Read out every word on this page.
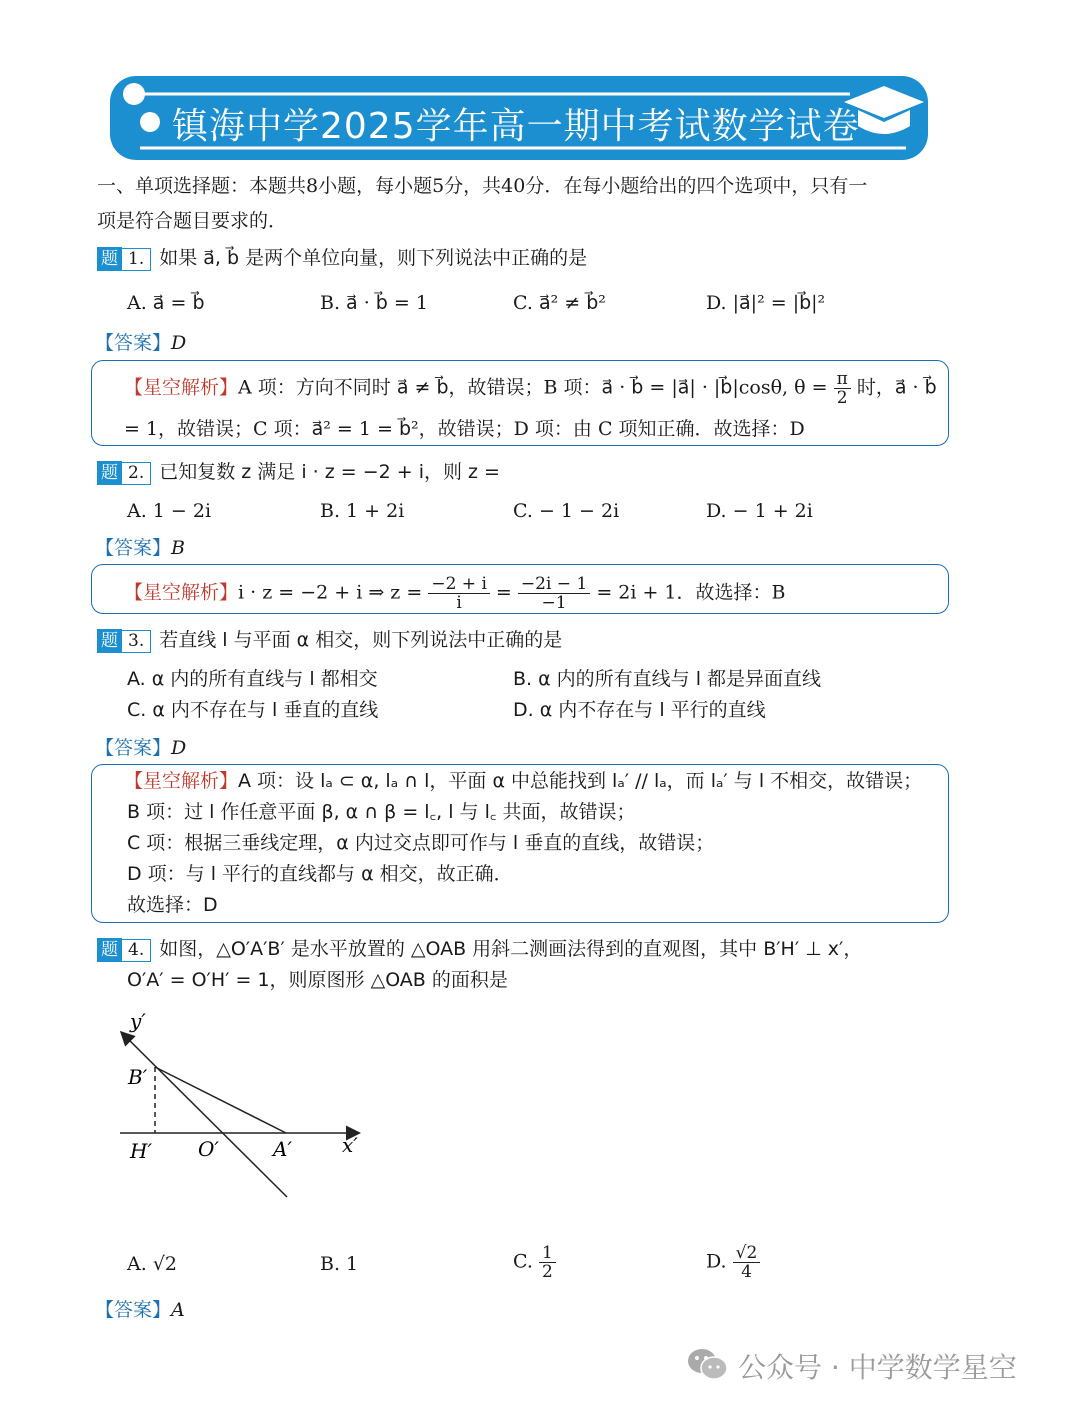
镇海中学2025学年高一期中考试数学试卷
一、单项选择题：本题共8小题，每小题5分，共40分．在每小题给出的四个选项中，只有一
项是符合题目要求的．
题 1. 如果 a⃗, b⃗ 是两个单位向量，则下列说法中正确的是
A. a⃗ = b⃗	B. a⃗ · b⃗ = 1	C. a⃗² ≠ b⃗²	D. |a⃗|² = |b⃗|²
【答案】D
【星空解析】A 项：方向不同时 a⃗ ≠ b⃗，故错误；B 项：a⃗ · b⃗ = |a⃗| · |b⃗|cosθ, $\theta = \frac{\pi}{2}$ 时，a⃗ · b⃗
= 1，故错误；C 项：a⃗² = 1 = b⃗²，故错误；D 项：由 C 项知正确．故选择：D
题 2. 已知复数 z 满足 i · z = −2 + i，则 z =
A. 1 − 2i	B. 1 + 2i	C. − 1 − 2i	D. − 1 + 2i
【答案】B
【星空解析】i · z = −2 + i ⇒ $z = \frac{-2 + i}{i} = \frac{-2i - 1}{-1} = 2i + 1$．故选择：B
题 3. 若直线 l 与平面 α 相交，则下列说法中正确的是
A. α 内的所有直线与 l 都相交	B. α 内的所有直线与 l 都是异面直线
C. α 内不存在与 l 垂直的直线	D. α 内不存在与 l 平行的直线
【答案】D
【星空解析】A 项：设 lₐ ⊂ α, lₐ ∩ l，平面 α 中总能找到 lₐ′ // lₐ，而 lₐ′ 与 l 不相交，故错误；
B 项：过 l 作任意平面 β, α ∩ β = l꜀, l 与 l꜀ 共面，故错误；
C 项：根据三垂线定理，α 内过交点即可作与 l 垂直的直线，故错误；
D 项：与 l 平行的直线都与 α 相交，故正确．
故选择：D
题 4. 如图，△O′A′B′ 是水平放置的 △OAB 用斜二测画法得到的直观图，其中 B′H′ ⊥ x′，
O′A′ = O′H′ = 1，则原图形 △OAB 的面积是
y′
x′
B′
H′ O′	A′
A. √2	B. 1	C. $\frac{1}{2}$	D. $\frac{√2}{4}$
【答案】A
公众号 · 中学数学星空
